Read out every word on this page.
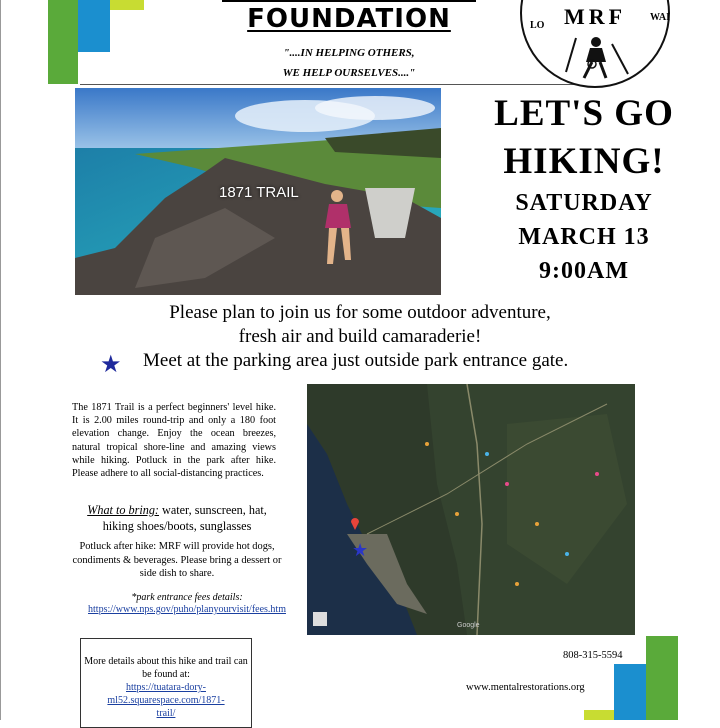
FOUNDATION
"....IN HELPING OTHERS,
WE HELP OURSELVES...."
MRF
LO
WAI
1871 TRAIL
LET'S GO
HIKING!
SATURDAY
MARCH 13
9:00AM
Please plan to join us for some outdoor adventure,
fresh air and build camaraderie!
★ Meet at the parking area just outside park entrance gate.
The 1871 Trail is a perfect beginners' level hike. It is 2.00 miles round-trip and only a 180 foot elevation change. Enjoy the ocean breezes, natural tropical shore-line and amazing views while hiking. Potluck in the park after hike. Please adhere to all social-distancing practices.
What to bring: water, sunscreen, hat, hiking shoes/boots, sunglasses
Potluck after hike: MRF will provide hot dogs, condiments & beverages. Please bring a dessert or side dish to share.
*park entrance fees details:
https://www.nps.gov/puho/planyourvisit/fees.htm
★
Google
More details about this hike and trail can be found at:
https://tuatara-dory-
ml52.squarespace.com/1871-
trail/
808-315-5594
www.mentalrestorations.org
